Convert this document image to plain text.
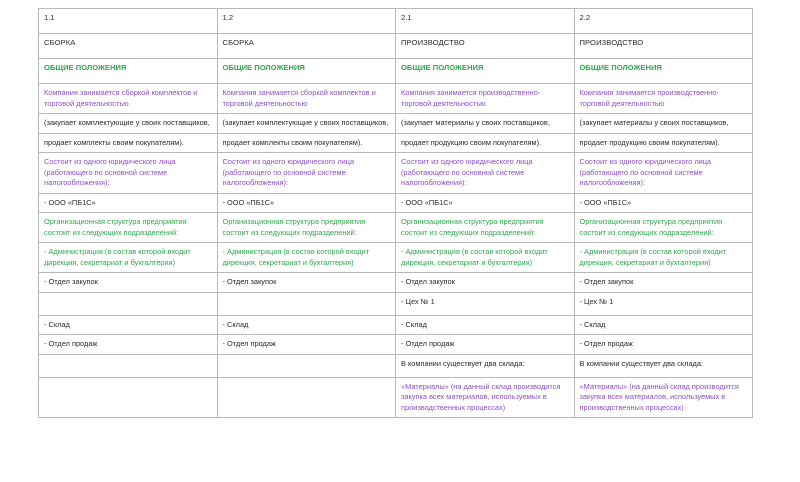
1.1	1.2	2.1	2.2
СБОРКА	СБОРКА	ПРОИЗВОДСТВО	ПРОИЗВОДСТВО
ОБЩИЕ ПОЛОЖЕНИЯ	ОБЩИЕ ПОЛОЖЕНИЯ	ОБЩИЕ ПОЛОЖЕНИЯ	ОБЩИЕ ПОЛОЖЕНИЯ

Компания занимается сборкой комплектов и торговой деятельностью	Компания занимается сборкой комплектов и торговой деятельностью	Компания занимается производственно-торговой деятельностью	Компания занимается производственно-торговой деятельностью

(закупает комплектующие у своих поставщиков,	(закупает комплектующие у своих поставщиков,	(закупает материалы у своих поставщиков,	(закупает материалы у своих поставщиков,

продает комплекты своим покупателям).	продает комплекты своим покупателям).	продает продукцию своим покупателям).	продает продукцию своим покупателям).

Состоит из одного юридического лица (работающего по основной системе налогообложения):	Состоит из одного юридического лица (работающего по основной системе налогообложения):	Состоит из одного юридического лица (работающего по основной системе налогообложения):	Состоит из одного юридического лица (работающего по основной системе налогообложения):

- ООО «ПБ1С»	- ООО «ПБ1С»	- ООО «ПБ1С»	- ООО «ПБ1С»

Организационная структура предприятия состоит из следующих подразделений:	Организационная структура предприятия состоит из следующих подразделений:	Организационная структура предприятия состоит из следующих подразделений:	Организационная структура предприятия состоит из следующих подразделений:

- Администрация (в состав которой входит дирекция, секретариат и бухгалтерия)	- Администрация (в состав которой входит дирекция, секретариат и бухгалтерия)	- Администрация (в состав которой входит дирекция, секретариат и бухгалтерия)	- Администрация (в состав которой входит дирекция, секретариат и бухгалтерия)

- Отдел закупок	- Отдел закупок	- Отдел закупок	- Отдел закупок

		- Цех № 1	- Цех № 1

- Склад	- Склад	- Склад	- Склад

- Отдел продаж	- Отдел продаж	- Отдел продаж	- Отдел продаж

		В компании существует два склада:	В компании существует два склада:

		«Материалы» (на данный склад производится закупка всех материалов, используемых в производственных процессах)	«Материалы» (на данный склад производится закупка всех материалов, используемых в производственных процессах)
